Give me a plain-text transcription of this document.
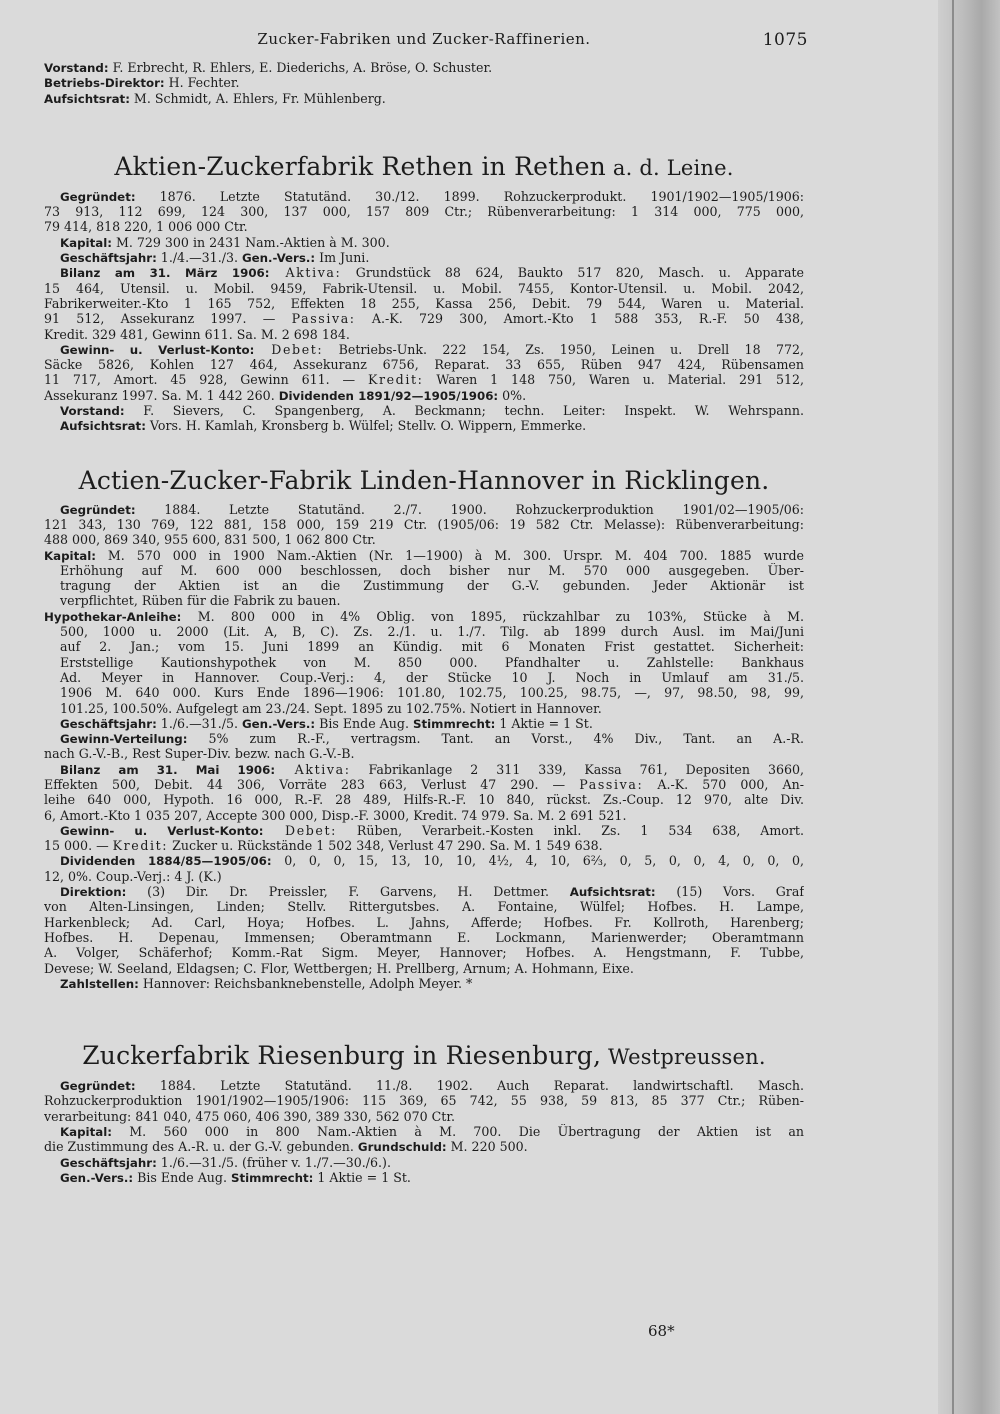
Zucker-Fabriken und Zucker-Raffinerien.	1075
Vorstand: F. Erbrecht, R. Ehlers, E. Diederichs, A. Bröse, O. Schuster.
Betriebs-Direktor: H. Fechter.
Aufsichtsrat: M. Schmidt, A. Ehlers, Fr. Mühlenberg.
Aktien-Zuckerfabrik Rethen in Rethen a. d. Leine.
Gegründet: 1876. Letzte Statutänd. 30./12. 1899. Rohzuckerprodukt. 1901/1902—1905/1906:
73 913, 112 699, 124 300, 137 000, 157 809 Ctr.; Rübenverarbeitung: 1 314 000, 775 000,
79 414, 818 220, 1 006 000 Ctr.
Kapital: M. 729 300 in 2431 Nam.-Aktien à M. 300.
Geschäftsjahr: 1./4.—31./3. Gen.-Vers.: Im Juni.
Bilanz am 31. März 1906: Aktiva: Grundstück 88 624, Baukto 517 820, Masch. u. Apparate
15 464, Utensil. u. Mobil. 9459, Fabrik-Utensil. u. Mobil. 7455, Kontor-Utensil. u. Mobil. 2042,
Fabrikerweiter.-Kto 1 165 752, Effekten 18 255, Kassa 256, Debit. 79 544, Waren u. Material.
91 512, Assekuranz 1997. — Passiva: A.-K. 729 300, Amort.-Kto 1 588 353, R.-F. 50 438,
Kredit. 329 481, Gewinn 611. Sa. M. 2 698 184.
Gewinn- u. Verlust-Konto: Debet: Betriebs-Unk. 222 154, Zs. 1950, Leinen u. Drell 18 772,
Säcke 5826, Kohlen 127 464, Assekuranz 6756, Reparat. 33 655, Rüben 947 424, Rübensamen
11 717, Amort. 45 928, Gewinn 611. — Kredit: Waren 1 148 750, Waren u. Material. 291 512,
Assekuranz 1997. Sa. M. 1 442 260. Dividenden 1891/92—1905/1906: 0%.
Vorstand: F. Sievers, C. Spangenberg, A. Beckmann; techn. Leiter: Inspekt. W. Wehrspann.
Aufsichtsrat: Vors. H. Kamlah, Kronsberg b. Wülfel; Stellv. O. Wippern, Emmerke.
Actien-Zucker-Fabrik Linden-Hannover in Ricklingen.
Gegründet: 1884. Letzte Statutänd. 2./7. 1900. Rohzuckerproduktion 1901/02—1905/06:
121 343, 130 769, 122 881, 158 000, 159 219 Ctr. (1905/06: 19 582 Ctr. Melasse): Rübenverarbeitung:
488 000, 869 340, 955 600, 831 500, 1 062 800 Ctr.
Kapital: M. 570 000 in 1900 Nam.-Aktien (Nr. 1—1900) à M. 300. Urspr. M. 404 700. 1885 wurde
Erhöhung auf M. 600 000 beschlossen, doch bisher nur M. 570 000 ausgegeben. Über-
tragung der Aktien ist an die Zustimmung der G.-V. gebunden. Jeder Aktionär ist
verpflichtet, Rüben für die Fabrik zu bauen.
Hypothekar-Anleihe: M. 800 000 in 4% Oblig. von 1895, rückzahlbar zu 103%, Stücke à M.
500, 1000 u. 2000 (Lit. A, B, C). Zs. 2./1. u. 1./7. Tilg. ab 1899 durch Ausl. im Mai/Juni
auf 2. Jan.; vom 15. Juni 1899 an Kündig. mit 6 Monaten Frist gestattet. Sicherheit:
Erststellige Kautionshypothek von M. 850 000. Pfandhalter u. Zahlstelle: Bankhaus
Ad. Meyer in Hannover. Coup.-Verj.: 4, der Stücke 10 J. Noch in Umlauf am 31./5.
1906 M. 640 000. Kurs Ende 1896—1906: 101.80, 102.75, 100.25, 98.75, —, 97, 98.50, 98, 99,
101.25, 100.50%. Aufgelegt am 23./24. Sept. 1895 zu 102.75%. Notiert in Hannover.
Geschäftsjahr: 1./6.—31./5. Gen.-Vers.: Bis Ende Aug. Stimmrecht: 1 Aktie = 1 St.
Gewinn-Verteilung: 5% zum R.-F., vertragsm. Tant. an Vorst., 4% Div., Tant. an A.-R.
nach G.-V.-B., Rest Super-Div. bezw. nach G.-V.-B.
Bilanz am 31. Mai 1906: Aktiva: Fabrikanlage 2 311 339, Kassa 761, Depositen 3660,
Effekten 500, Debit. 44 306, Vorräte 283 663, Verlust 47 290. — Passiva: A.-K. 570 000, An-
leihe 640 000, Hypoth. 16 000, R.-F. 28 489, Hilfs-R.-F. 10 840, rückst. Zs.-Coup. 12 970, alte Div.
6, Amort.-Kto 1 035 207, Accepte 300 000, Disp.-F. 3000, Kredit. 74 979. Sa. M. 2 691 521.
Gewinn- u. Verlust-Konto: Debet: Rüben, Verarbeit.-Kosten inkl. Zs. 1 534 638, Amort.
15 000. — Kredit: Zucker u. Rückstände 1 502 348, Verlust 47 290. Sa. M. 1 549 638.
Dividenden 1884/85—1905/06: 0, 0, 0, 15, 13, 10, 10, 4½, 4, 10, 6⅔, 0, 5, 0, 0, 4, 0, 0, 0,
12, 0%. Coup.-Verj.: 4 J. (K.)
Direktion: (3) Dir. Dr. Preissler, F. Garvens, H. Dettmer. Aufsichtsrat: (15) Vors. Graf
von Alten-Linsingen, Linden; Stellv. Rittergutsbes. A. Fontaine, Wülfel; Hofbes. H. Lampe,
Harkenbleck; Ad. Carl, Hoya; Hofbes. L. Jahns, Afferde; Hofbes. Fr. Kollroth, Harenberg;
Hofbes. H. Depenau, Immensen; Oberamtmann E. Lockmann, Marienwerder; Oberamtmann
A. Volger, Schäferhof; Komm.-Rat Sigm. Meyer, Hannover; Hofbes. A. Hengstmann, F. Tubbe,
Devese; W. Seeland, Eldagsen; C. Flor, Wettbergen; H. Prellberg, Arnum; A. Hohmann, Eixe.
Zahlstellen: Hannover: Reichsbanknebenstelle, Adolph Meyer. *
Zuckerfabrik Riesenburg in Riesenburg, Westpreussen.
Gegründet: 1884. Letzte Statutänd. 11./8. 1902. Auch Reparat. landwirtschaftl. Masch.
Rohzuckerproduktion 1901/1902—1905/1906: 115 369, 65 742, 55 938, 59 813, 85 377 Ctr.; Rüben-
verarbeitung: 841 040, 475 060, 406 390, 389 330, 562 070 Ctr.
Kapital: M. 560 000 in 800 Nam.-Aktien à M. 700. Die Übertragung der Aktien ist an
die Zustimmung des A.-R. u. der G.-V. gebunden. Grundschuld: M. 220 500.
Geschäftsjahr: 1./6.—31./5. (früher v. 1./7.—30./6.).
Gen.-Vers.: Bis Ende Aug. Stimmrecht: 1 Aktie = 1 St.
68*
